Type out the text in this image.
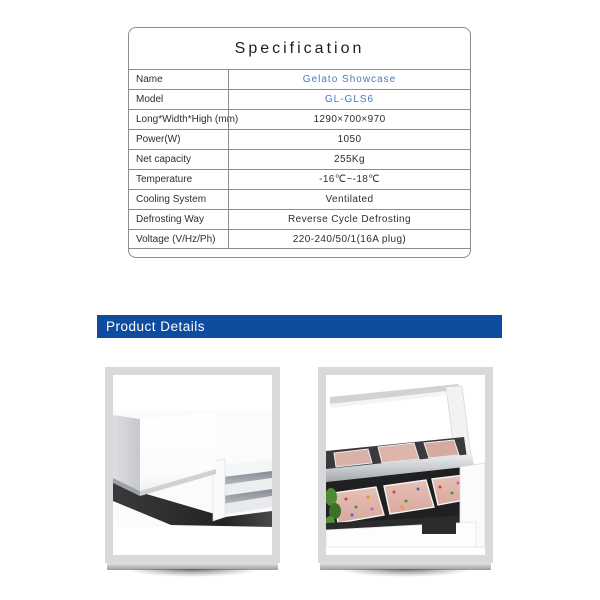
Specification
Name	Gelato Showcase
Model	GL-GLS6
Long*Width*High (mm)	1290×700×970
Power(W)	1050
Net capacity	255Kg
Temperature	-16℃~-18℃
Cooling System	Ventilated
Defrosting Way	Reverse Cycle Defrosting
Voltage (V/Hz/Ph)	220-240/50/1(16A plug)
Product Details
